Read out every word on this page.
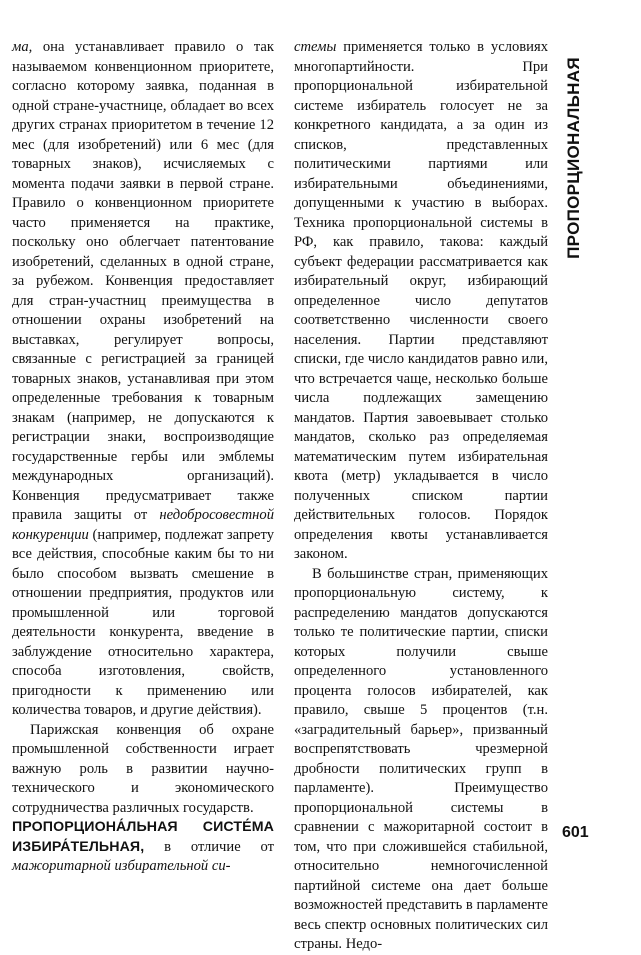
ма, она устанавливает правило о так называемом конвенционном приоритете, согласно которому заявка, поданная в одной стране-участнице, обладает во всех других странах приоритетом в течение 12 мес (для изобретений) или 6 мес (для товарных знаков), исчисляемых с момента подачи заявки в первой стране. Правило о конвенционном приоритете часто применяется на практике, поскольку оно облегчает патентование изобретений, сделанных в одной стране, за рубежом. Конвенция предоставляет для стран-участниц преимущества в отношении охраны изобретений на выставках, регулирует вопросы, связанные с регистрацией за границей товарных знаков, устанавливая при этом определенные требования к товарным знакам (например, не допускаются к регистрации знаки, воспроизводящие государственные гербы или эмблемы международных организаций). Конвенция предусматривает также правила защиты от недобросовестной конкуренции (например, подлежат запрету все действия, способные каким бы то ни было способом вызвать смешение в отношении предприятия, продуктов или промышленной или торговой деятельности конкурента, введение в заблуждение относительно характера, способа изготовления, свойств, пригодности к применению или количества товаров, и другие действия).

Парижская конвенция об охране промышленной собственности играет важную роль в развитии научно-технического и экономического сотрудничества различных государств.

ПРОПОРЦИОНА́ЛЬНАЯ СИСТЕ́МА ИЗБИРА́ТЕЛЬНАЯ, в отличие от мажоритарной избирательной си-

стемы применяется только в условиях многопартийности. При пропорциональной избирательной системе избиратель голосует не за конкретного кандидата, а за один из списков, представленных политическими партиями или избирательными объединениями, допущенными к участию в выборах. Техника пропорциональной системы в РФ, как правило, такова: каждый субъект федерации рассматривается как избирательный округ, избирающий определенное число депутатов соответственно численности своего населения. Партии представляют списки, где число кандидатов равно или, что встречается чаще, несколько больше числа подлежащих замещению мандатов. Партия завоевывает столько мандатов, сколько раз определяемая математическим путем избирательная квота (метр) укладывается в число полученных списком партии действительных голосов. Порядок определения квоты устанавливается законом.

В большинстве стран, применяющих пропорциональную систему, к распределению мандатов допускаются только те политические партии, списки которых получили свыше определенного установленного процента голосов избирателей, как правило, свыше 5 процентов (т.н. «заградительный барьер», призванный воспрепятствовать чрезмерной дробности политических групп в парламенте). Преимущество пропорциональной системы в сравнении с мажоритарной состоит в том, что при сложившейся стабильной, относительно немногочисленной партийной системе она дает больше возможностей представить в парламенте весь спектр основных политических сил страны. Недо-

ПРОПОРЦИОНАЛЬНАЯ
601
